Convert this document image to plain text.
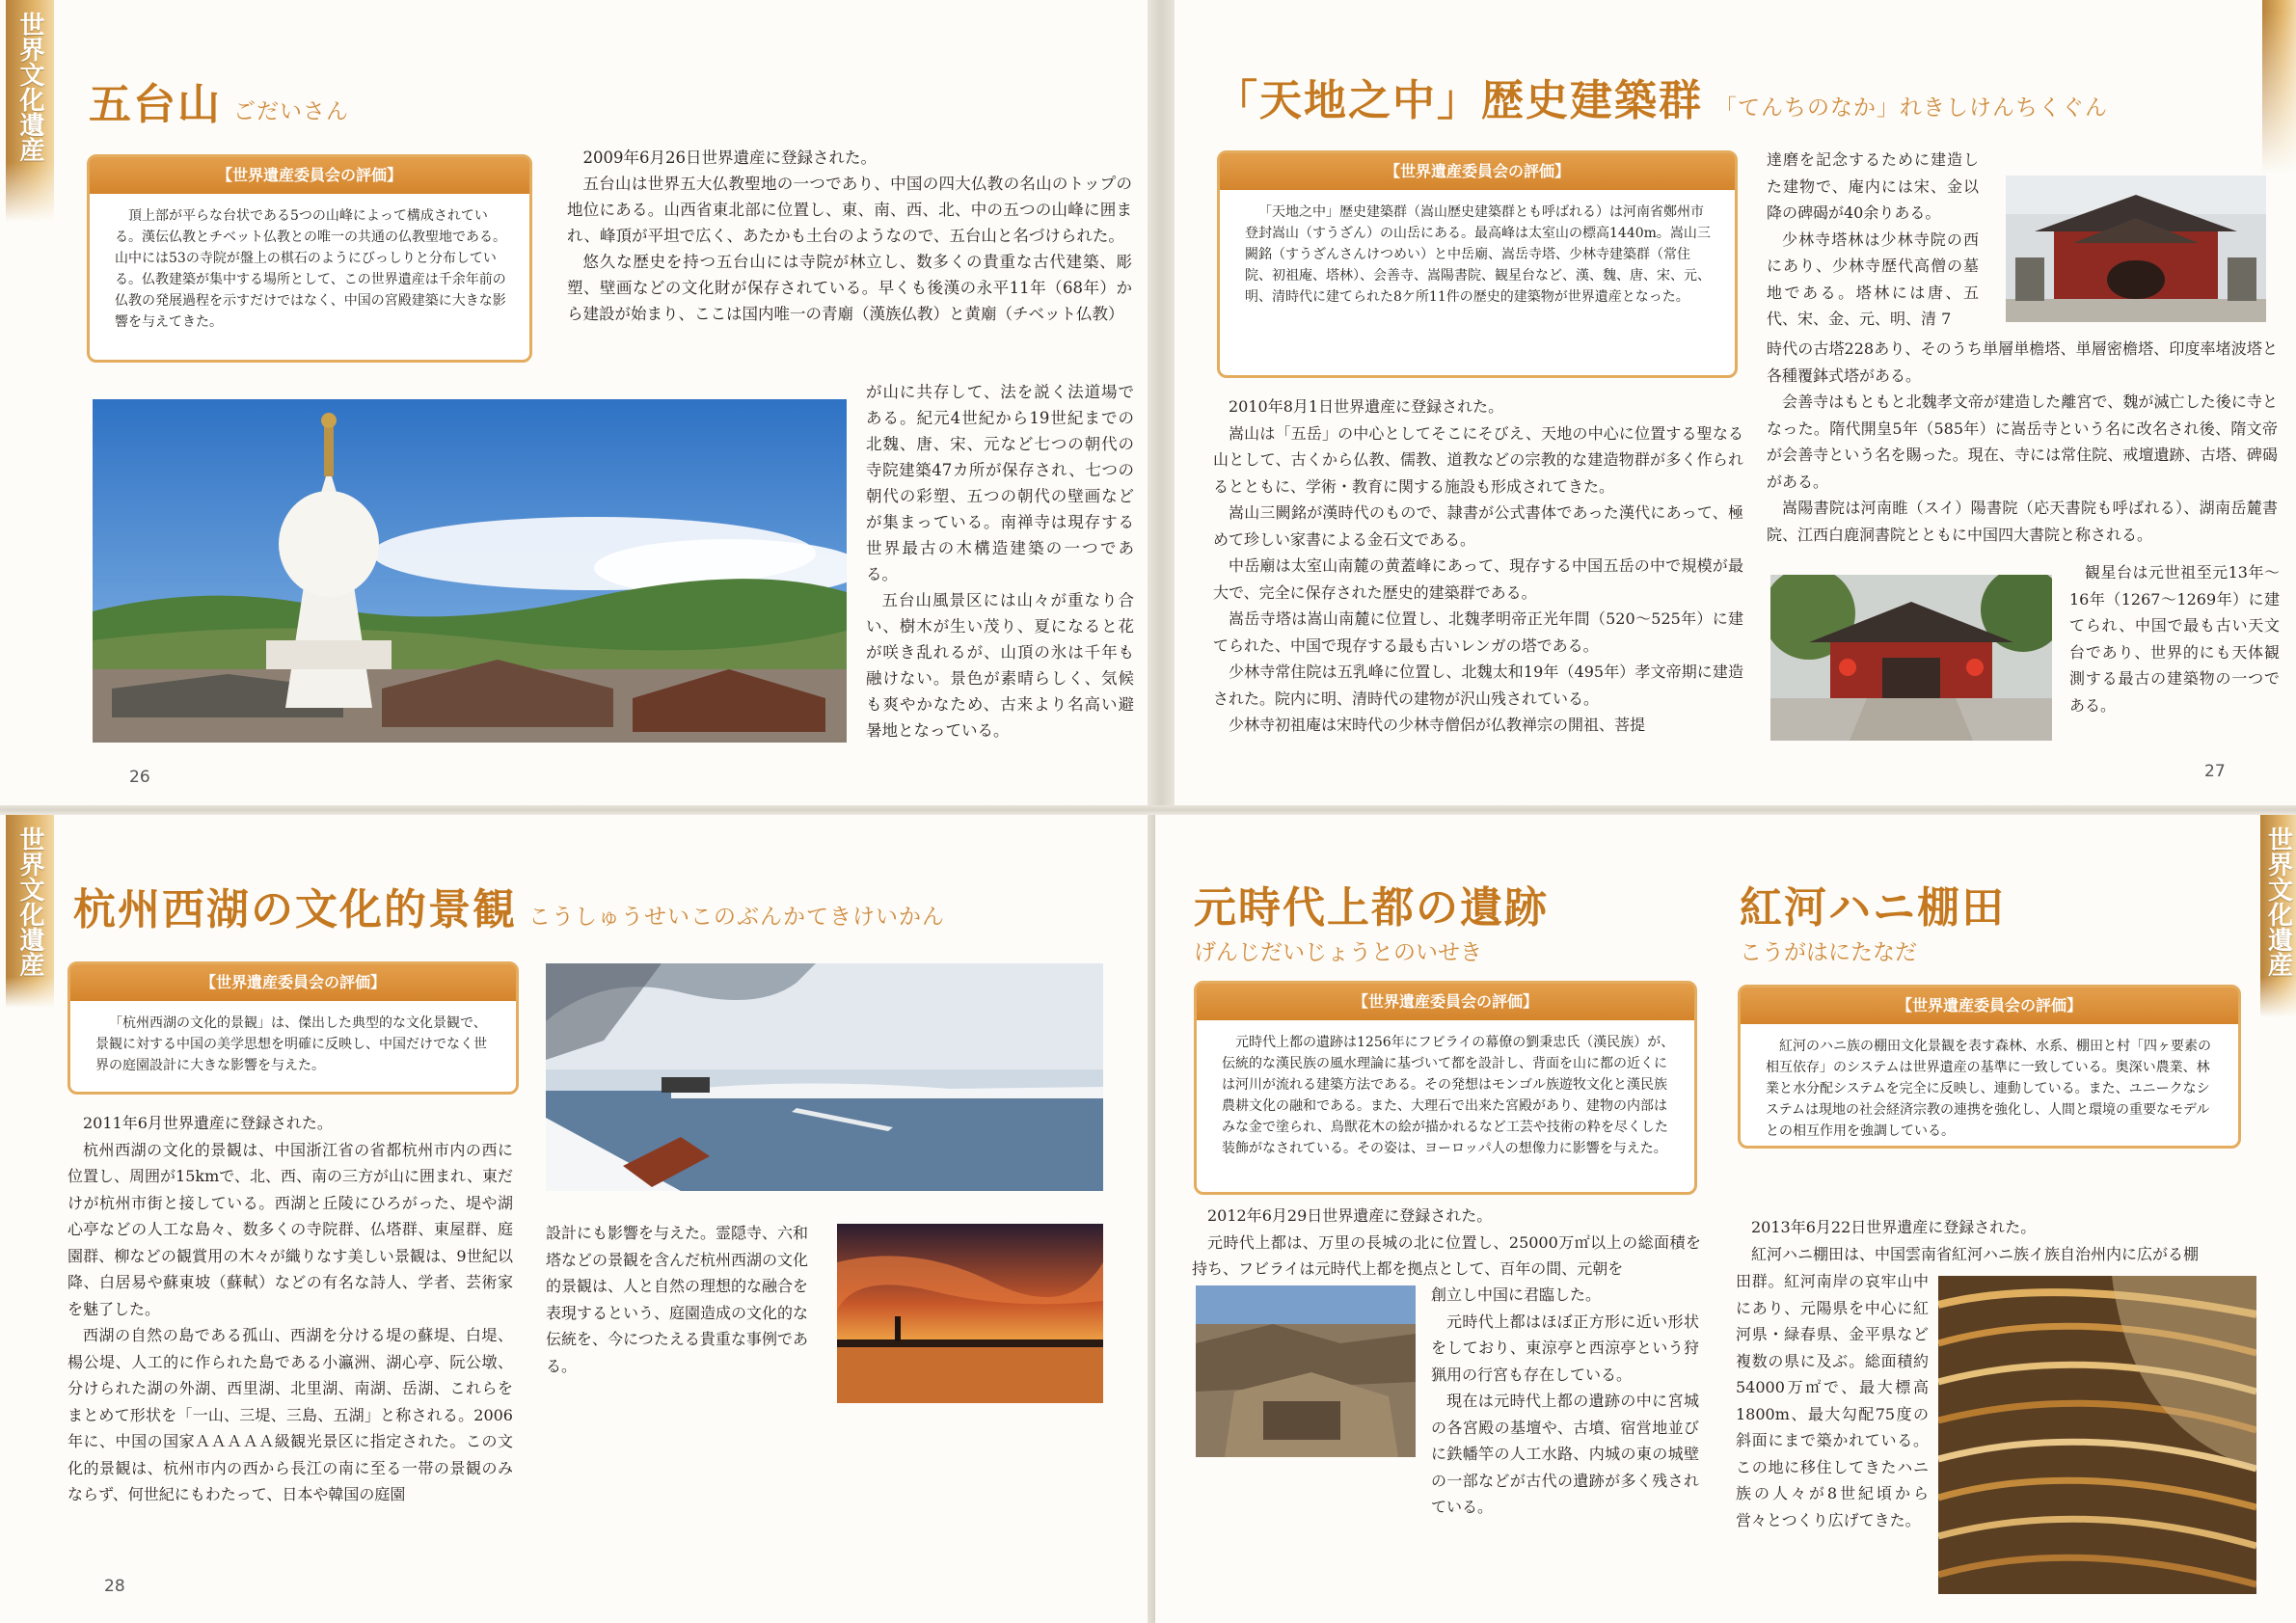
世界文化遺産 五台山 ごだいさん
【世界遺産委員会の評価】
頂上部が平らな台状である5つの山峰によって構成されている。漢伝仏教とチベット仏教との唯一の共通の仏教聖地である。山中には53の寺院が盤上の棋石のようにびっしりと分布している。仏教建築が集中する場所として、この世界遺産は千余年前の仏教の発展過程を示すだけではなく、中国の宮殿建築に大きな影響を与えてきた。

2009年6月26日世界遺産に登録された。

五台山は世界五大仏教聖地の一つであり、中国の四大仏教の名山のトップの地位にある。山西省東北部に位置し、東、南、西、北、中の五つの山峰に囲まれ、峰頂が平坦で広く、あたかも土台のようなので、五台山と名づけられた。

悠久な歴史を持つ五台山には寺院が林立し、数多くの貴重な古代建築、彫塑、壁画などの文化財が保存されている。早くも後漢の永平11年（68年）から建設が始まり、ここは国内唯一の青廟（漢族仏教）と黄廟（チベット仏教）

が山に共存して、法を説く法道場である。紀元4世紀から19世紀までの北魏、唐、宋、元など七つの朝代の寺院建築47カ所が保存され、七つの朝代の彩塑、五つの朝代の壁画などが集まっている。南禅寺は現存する世界最古の木構造建築の一つである。

五台山風景区には山々が重なり合い、樹木が生い茂り、夏になると花が咲き乱れるが、山頂の氷は千年も融けない。景色が素晴らしく、気候も爽やかなため、古来より名高い避暑地となっている。

26
「天地之中」歴史建築群 「てんちのなか」れきしけんちくぐん
【世界遺産委員会の評価】
「天地之中」歴史建築群（嵩山歴史建築群とも呼ばれる）は河南省鄭州市登封嵩山（すうざん）の山岳にある。最高峰は太室山の標高1440m。嵩山三闕銘（すうざんさんけつめい）と中岳廟、嵩岳寺塔、少林寺建築群（常住院、初祖庵、塔林）、会善寺、嵩陽書院、観星台など、漢、魏、唐、宋、元、明、清時代に建てられた8ケ所11件の歴史的建築物が世界遺産となった。

2010年8月1日世界遺産に登録された。

嵩山は「五岳」の中心としてそこにそびえ、天地の中心に位置する聖なる山として、古くから仏教、儒教、道教などの宗教的な建造物群が多く作られるとともに、学術・教育に関する施設も形成されてきた。

嵩山三闕銘が漢時代のもので、隷書が公式書体であった漢代にあって、極めて珍しい家書による金石文である。

中岳廟は太室山南麓の黄蓋峰にあって、現存する中国五岳の中で規模が最大で、完全に保存された歴史的建築群である。

嵩岳寺塔は嵩山南麓に位置し、北魏孝明帝正光年間（520～525年）に建てられた、中国で現存する最も古いレンガの塔である。

少林寺常住院は五乳峰に位置し、北魏太和19年（495年）孝文帝期に建造された。院内に明、清時代の建物が沢山残されている。

少林寺初祖庵は宋時代の少林寺僧侶が仏教禅宗の開祖、菩提

達磨を記念するために建造した建物で、庵内には宋、金以降の碑碣が40余りある。

少林寺塔林は少林寺院の西にあり、少林寺歴代高僧の墓地である。塔林には唐、五代、宋、金、元、明、清 7

時代の古塔228あり、そのうち単層単檐塔、単層密檐塔、印度率堵波塔と各種覆鉢式塔がある。

会善寺はもともと北魏孝文帝が建造した離宮で、魏が滅亡した後に寺となった。隋代開皇5年（585年）に嵩岳寺という名に改名され後、隋文帝が会善寺という名を賜った。現在、寺には常住院、戒壇遺跡、古塔、碑碣がある。

嵩陽書院は河南睢（スイ）陽書院（応天書院も呼ばれる）、湖南岳麓書院、江西白鹿洞書院とともに中国四大書院と称される。

観星台は元世祖至元13年～16年（1267～1269年）に建てられ、中国で最も古い天文台であり、世界的にも天体観測する最古の建築物の一つである。

27
世界文化遺産 杭州西湖の文化的景観 こうしゅうせいこのぶんかてきけいかん
【世界遺産委員会の評価】
「杭州西湖の文化的景観」は、傑出した典型的な文化景観で、景観に対する中国の美学思想を明確に反映し、中国だけでなく世界の庭園設計に大きな影響を与えた。

2011年6月世界遺産に登録された。

杭州西湖の文化的景観は、中国浙江省の省都杭州市内の西に位置し、周囲が15kmで、北、西、南の三方が山に囲まれ、東だけが杭州市街と接している。西湖と丘陵にひろがった、堤や湖心亭などの人工な島々、数多くの寺院群、仏塔群、東屋群、庭園群、柳などの観賞用の木々が織りなす美しい景観は、9世紀以降、白居易や蘇東坡（蘇軾）などの有名な詩人、学者、芸術家を魅了した。

西湖の自然の島である孤山、西湖を分ける堤の蘇堤、白堤、楊公堤、人工的に作られた島である小瀛洲、湖心亭、阮公墩、分けられた湖の外湖、西里湖、北里湖、南湖、岳湖、これらをまとめて形状を「一山、三堤、三島、五湖」と称される。2006年に、中国の国家ＡＡＡＡＡ級観光景区に指定された。この文化的景観は、杭州市内の西から長江の南に至る一帯の景観のみならず、何世紀にもわたって、日本や韓国の庭園

設計にも影響を与えた。霊隠寺、六和塔などの景観を含んだ杭州西湖の文化的景観は、人と自然の理想的な融合を表現するという、庭園造成の文化的な伝統を、今につたえる貴重な事例である。

28
世界文化遺産
元時代上都の遺跡
げんじだいじょうとのいせき
【世界遺産委員会の評価】
元時代上都の遺跡は1256年にフビライの幕僚の劉秉忠氏（漢民族）が、伝統的な漢民族の風水理論に基づいて都を設計し、背面を山に都の近くには河川が流れる建築方法である。その発想はモンゴル族遊牧文化と漢民族農耕文化の融和である。また、大理石で出来た宮殿があり、建物の内部はみな金で塗られ、鳥獣花木の絵が描かれるなど工芸や技術の粋を尽くした装飾がなされている。その姿は、ヨーロッパ人の想像力に影響を与えた。

2012年6月29日世界遺産に登録された。

元時代上都は、万里の長城の北に位置し、25000万㎡以上の総面積を持ち、フビライは元時代上都を拠点として、百年の間、元朝を

創立し中国に君臨した。

元時代上都はほぼ正方形に近い形状をしており、東涼亭と西涼亭という狩猟用の行宮も存在している。

現在は元時代上都の遺跡の中に宮城の各宮殿の基壇や、古墳、宿営地並びに鉄幡竿の人工水路、内城の東の城壁の一部などが古代の遺跡が多く残されている。

紅河ハニ棚田
こうがはにたなだ
【世界遺産委員会の評価】
紅河のハニ族の棚田文化景観を表す森林、水系、棚田と村「四ヶ要素の相互依存」のシステムは世界遺産の基準に一致している。奥深い農業、林業と水分配システムを完全に反映し、連動している。また、ユニークなシステムは現地の社会経済宗教の連携を強化し、人間と環境の重要なモデルとの相互作用を強調している。

2013年6月22日世界遺産に登録された。

紅河ハニ棚田は、中国雲南省紅河ハニ族イ族自治州内に広がる棚

田群。紅河南岸の哀牢山中にあり、元陽県を中心に紅河県・緑春県、金平県など複数の県に及ぶ。総面積約54000万㎡で、最大標高1800m、最大勾配75度の斜面にまで築かれている。この地に移住してきたハニ族の人々が8世紀頃から営々とつくり広げてきた。
